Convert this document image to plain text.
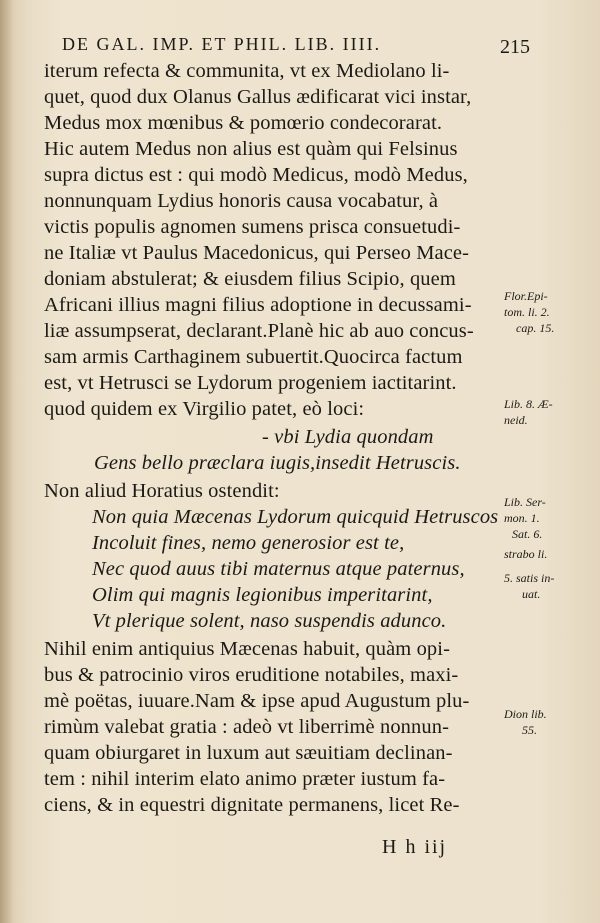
DE GAL. IMP. ET PHIL. LIB. IIII.	215
iterum refecta & communita, vt ex Mediolano li-
quet, quod dux Olanus Gallus ædificarat vici instar,
Medus mox mœnibus & pomœrio condecorarat.
Hic autem Medus non alius est quàm qui Felsinus
supra dictus est : qui modò Medicus, modò Medus,
nonnunquam Lydius honoris causa vocabatur, à
victis populis agnomen sumens prisca consuetudi-
ne Italiæ vt Paulus Macedonicus, qui Perseo Mace-
doniam abstulerat; & eiusdem filius Scipio, quem
Africani illius magni filius adoptione in decussami-
liæ assumpserat, declarant.Planè hic ab auo concus-
sam armis Carthaginem subuertit.Quocirca factum
est, vt Hetrusci se Lydorum progeniem iactitarint.
quod quidem ex Virgilio patet, eò loci:
- vbi Lydia quondam
Gens bello præclara iugis,insedit Hetruscis.
Non aliud Horatius ostendit:
Non quia Mæcenas Lydorum quicquid Hetruscos
Incoluit fines, nemo generosior est te,
Nec quod auus tibi maternus atque paternus,
Olim qui magnis legionibus imperitarint,
Vt plerique solent, naso suspendis adunco.
Nihil enim antiquius Mæcenas habuit, quàm opi-
bus & patrocinio viros eruditione notabiles, maxi-
mè poëtas, iuuare.Nam & ipse apud Augustum plu-
rimùm valebat gratia : adeò vt liberrimè nonnun-
quam obiurgaret in luxum aut sæuitiam declinan-
tem : nihil interim elato animo præter iustum fa-
ciens, & in equestri dignitate permanens, licet Re-
Flor.Epi-
tom. li. 2.
cap. 15.
Lib. 8. Æ-
neid.
Lib. Ser-
mon. 1.
Sat. 6.
strabo li.
5. satis in-
uat.
Dion lib.
55.
H h iij
